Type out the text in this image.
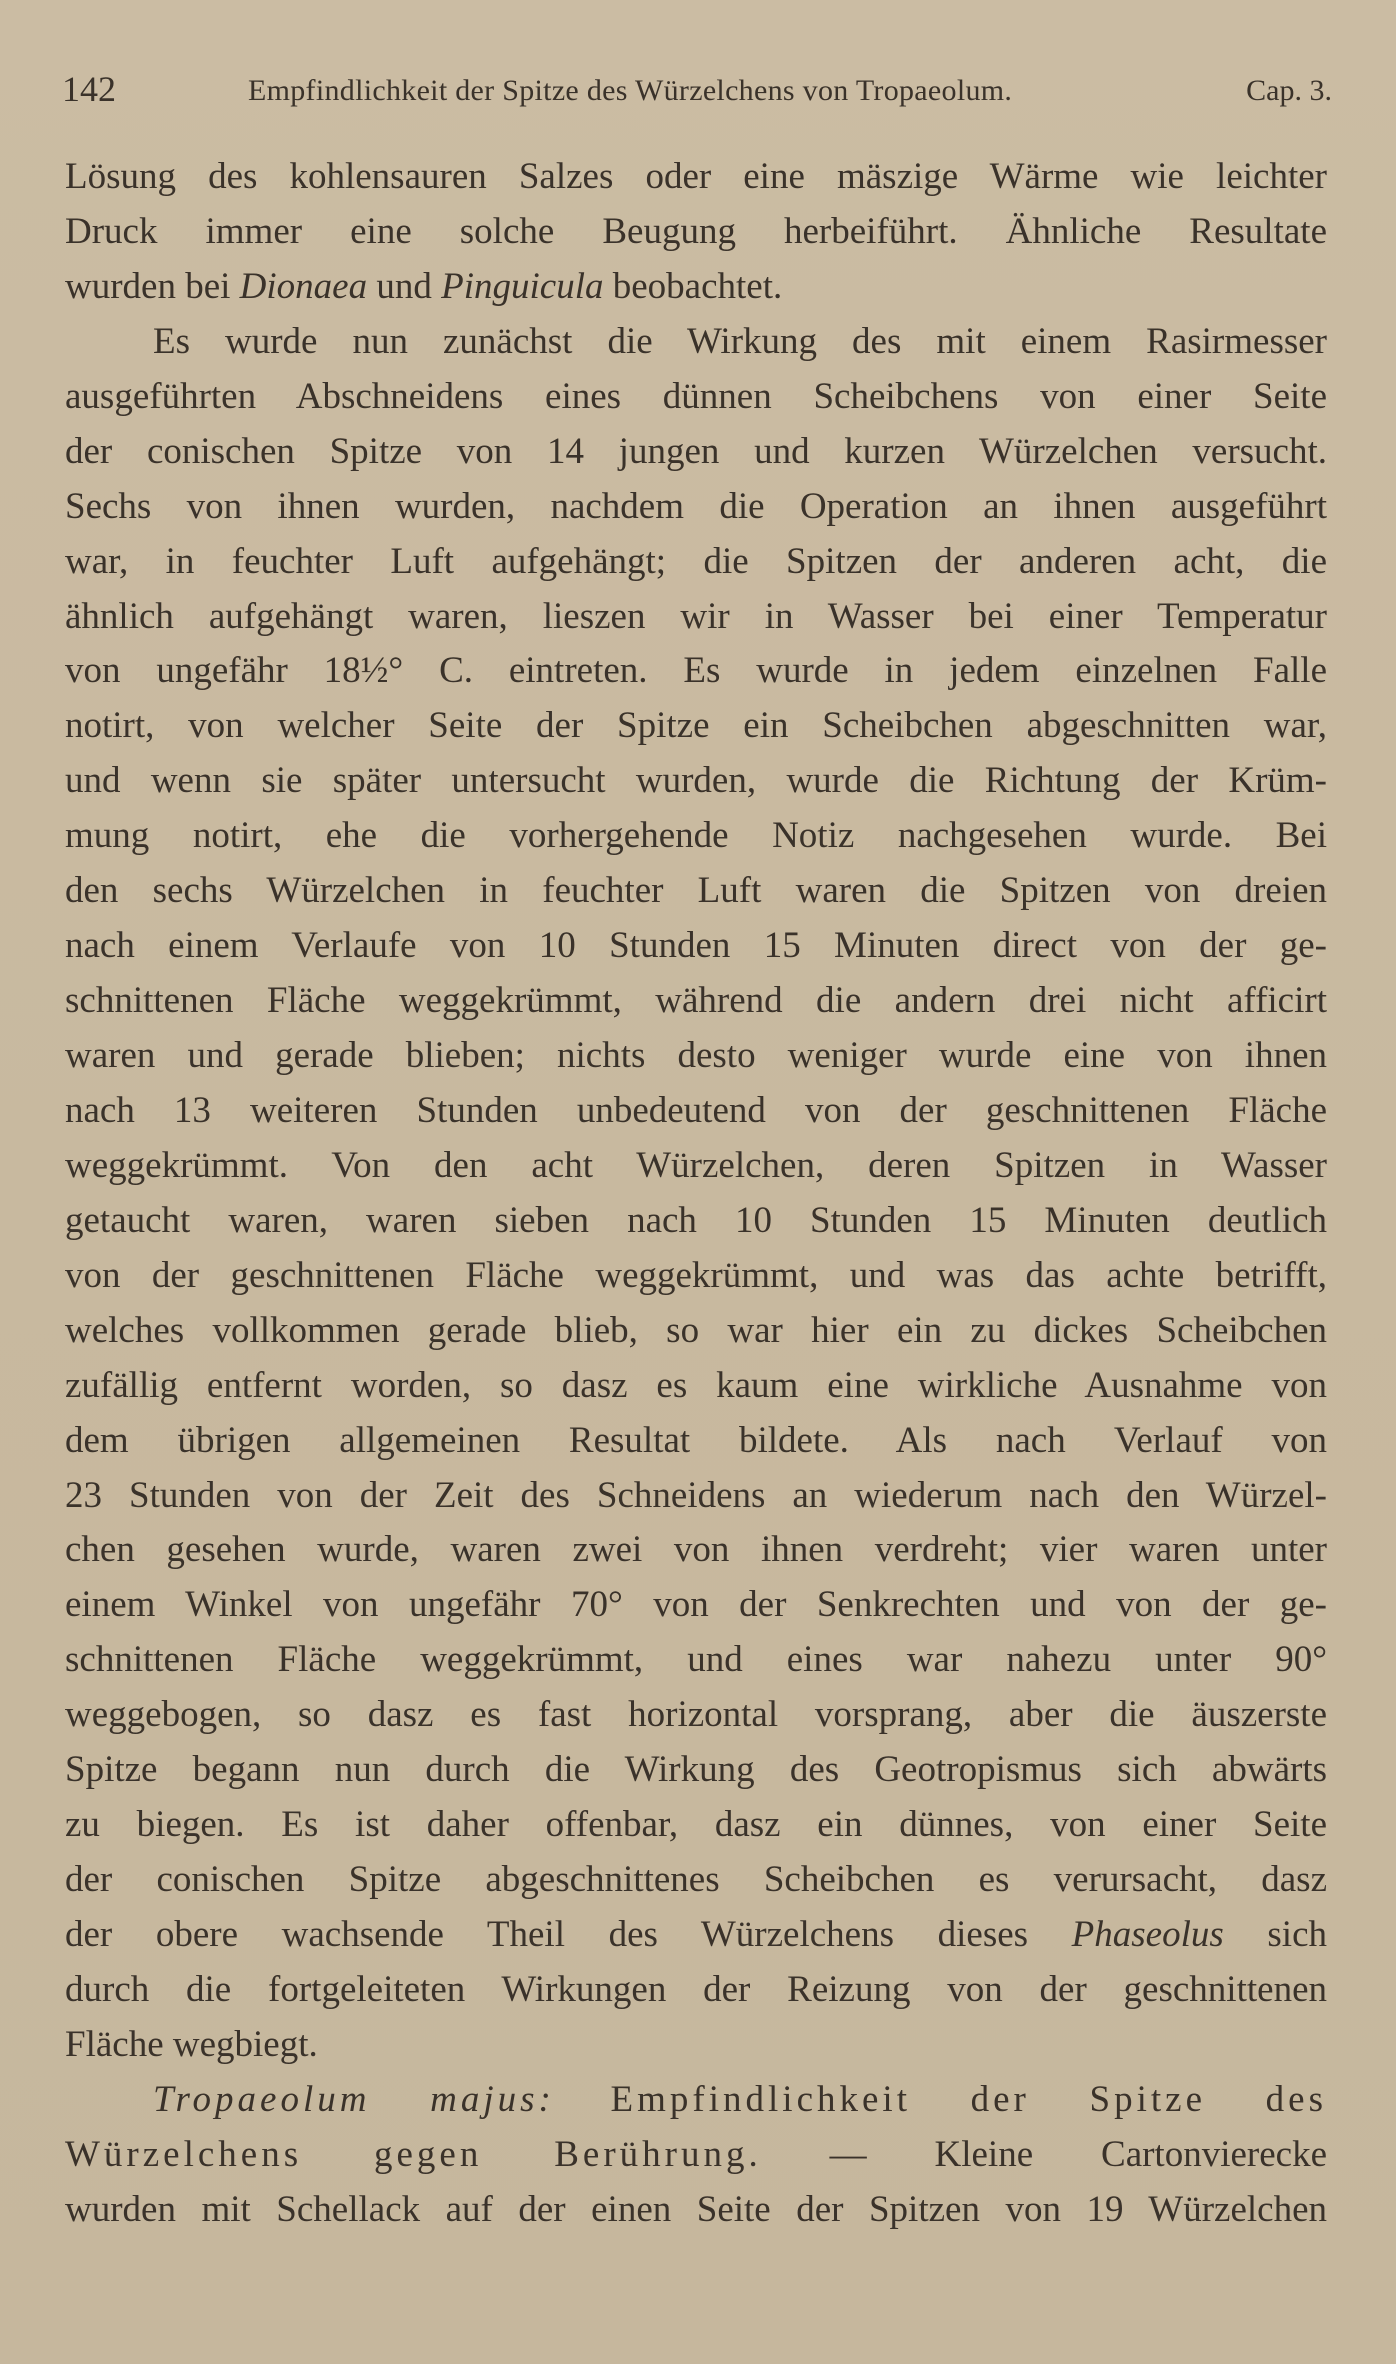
142	Empfindlichkeit der Spitze des Würzelchens von Tropaeolum.	Cap. 3.
Lösung des kohlensauren Salzes oder eine mäszige Wärme wie leichter
Druck immer eine solche Beugung herbeiführt. Ähnliche Resultate
wurden bei Dionaea und Pinguicula beobachtet.
Es wurde nun zunächst die Wirkung des mit einem Rasirmesser
ausgeführten Abschneidens eines dünnen Scheibchens von einer Seite
der conischen Spitze von 14 jungen und kurzen Würzelchen versucht.
Sechs von ihnen wurden, nachdem die Operation an ihnen ausgeführt
war, in feuchter Luft aufgehängt; die Spitzen der anderen acht, die
ähnlich aufgehängt waren, lieszen wir in Wasser bei einer Temperatur
von ungefähr 18½° C. eintreten. Es wurde in jedem einzelnen Falle
notirt, von welcher Seite der Spitze ein Scheibchen abgeschnitten war,
und wenn sie später untersucht wurden, wurde die Richtung der Krüm-
mung notirt, ehe die vorhergehende Notiz nachgesehen wurde. Bei
den sechs Würzelchen in feuchter Luft waren die Spitzen von dreien
nach einem Verlaufe von 10 Stunden 15 Minuten direct von der ge-
schnittenen Fläche weggekrümmt, während die andern drei nicht afficirt
waren und gerade blieben; nichts desto weniger wurde eine von ihnen
nach 13 weiteren Stunden unbedeutend von der geschnittenen Fläche
weggekrümmt. Von den acht Würzelchen, deren Spitzen in Wasser
getaucht waren, waren sieben nach 10 Stunden 15 Minuten deutlich
von der geschnittenen Fläche weggekrümmt, und was das achte betrifft,
welches vollkommen gerade blieb, so war hier ein zu dickes Scheibchen
zufällig entfernt worden, so dasz es kaum eine wirkliche Ausnahme von
dem übrigen allgemeinen Resultat bildete. Als nach Verlauf von
23 Stunden von der Zeit des Schneidens an wiederum nach den Würzel-
chen gesehen wurde, waren zwei von ihnen verdreht; vier waren unter
einem Winkel von ungefähr 70° von der Senkrechten und von der ge-
schnittenen Fläche weggekrümmt, und eines war nahezu unter 90°
weggebogen, so dasz es fast horizontal vorsprang, aber die äuszerste
Spitze begann nun durch die Wirkung des Geotropismus sich abwärts
zu biegen. Es ist daher offenbar, dasz ein dünnes, von einer Seite
der conischen Spitze abgeschnittenes Scheibchen es verursacht, dasz
der obere wachsende Theil des Würzelchens dieses Phaseolus sich
durch die fortgeleiteten Wirkungen der Reizung von der geschnittenen
Fläche wegbiegt.
Tropaeolum majus: Empfindlichkeit der Spitze des
Würzelchens gegen Berührung. — Kleine Cartonvierecke
wurden mit Schellack auf der einen Seite der Spitzen von 19 Würzelchen
